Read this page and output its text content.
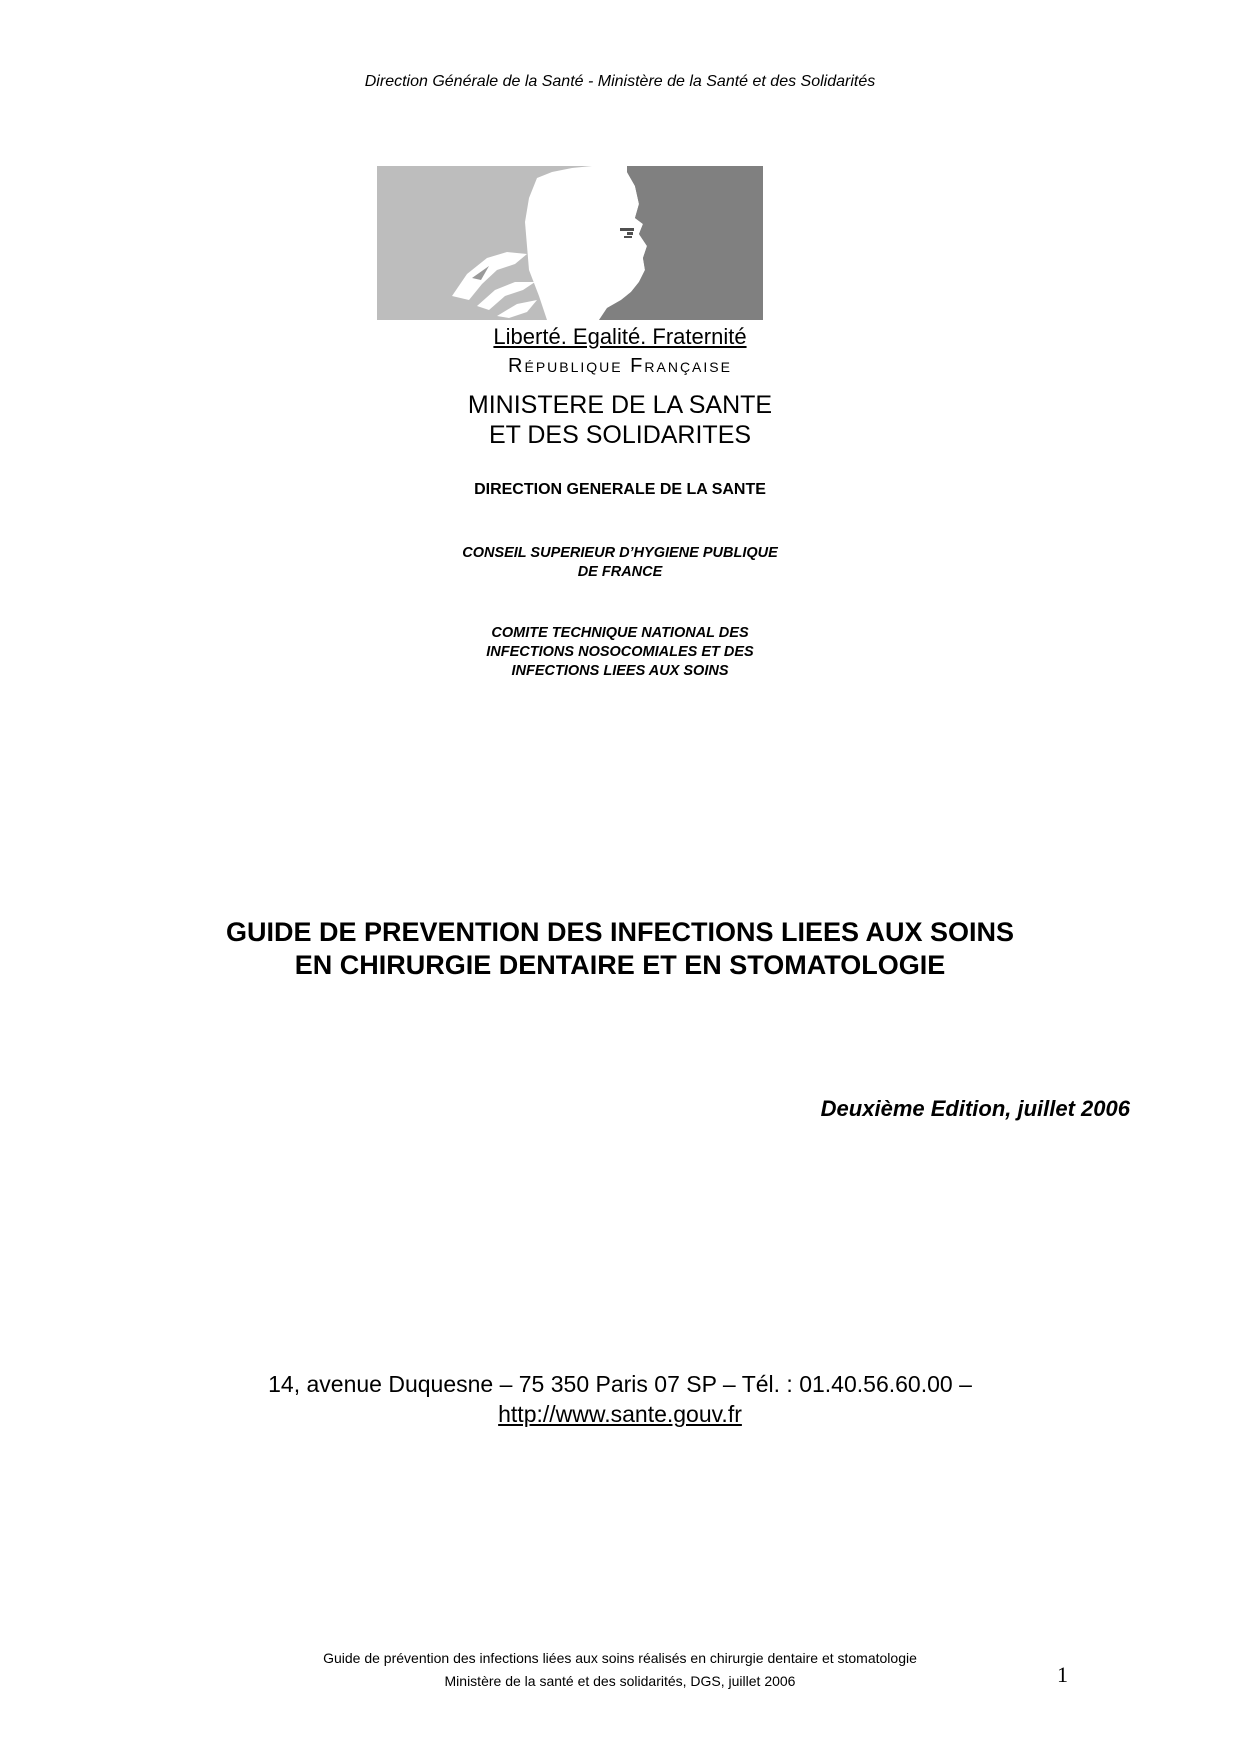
Direction Générale de la Santé - Ministère de la Santé et des Solidarités
Liberté. Egalité. Fraternité
République Française
MINISTERE DE LA SANTE
ET DES SOLIDARITES
DIRECTION GENERALE DE LA SANTE
CONSEIL SUPERIEUR D’HYGIENE PUBLIQUE
DE FRANCE
COMITE TECHNIQUE NATIONAL DES
INFECTIONS NOSOCOMIALES ET DES
INFECTIONS LIEES AUX SOINS
GUIDE DE PREVENTION DES INFECTIONS LIEES AUX SOINS
EN CHIRURGIE DENTAIRE ET EN STOMATOLOGIE
Deuxième Edition, juillet 2006
14, avenue Duquesne – 75 350 Paris 07 SP – Tél. : 01.40.56.60.00 –
http://www.sante.gouv.fr
Guide de prévention des infections liées aux soins réalisés en chirurgie dentaire et stomatologie
Ministère de la santé et des solidarités, DGS, juillet 2006	1
